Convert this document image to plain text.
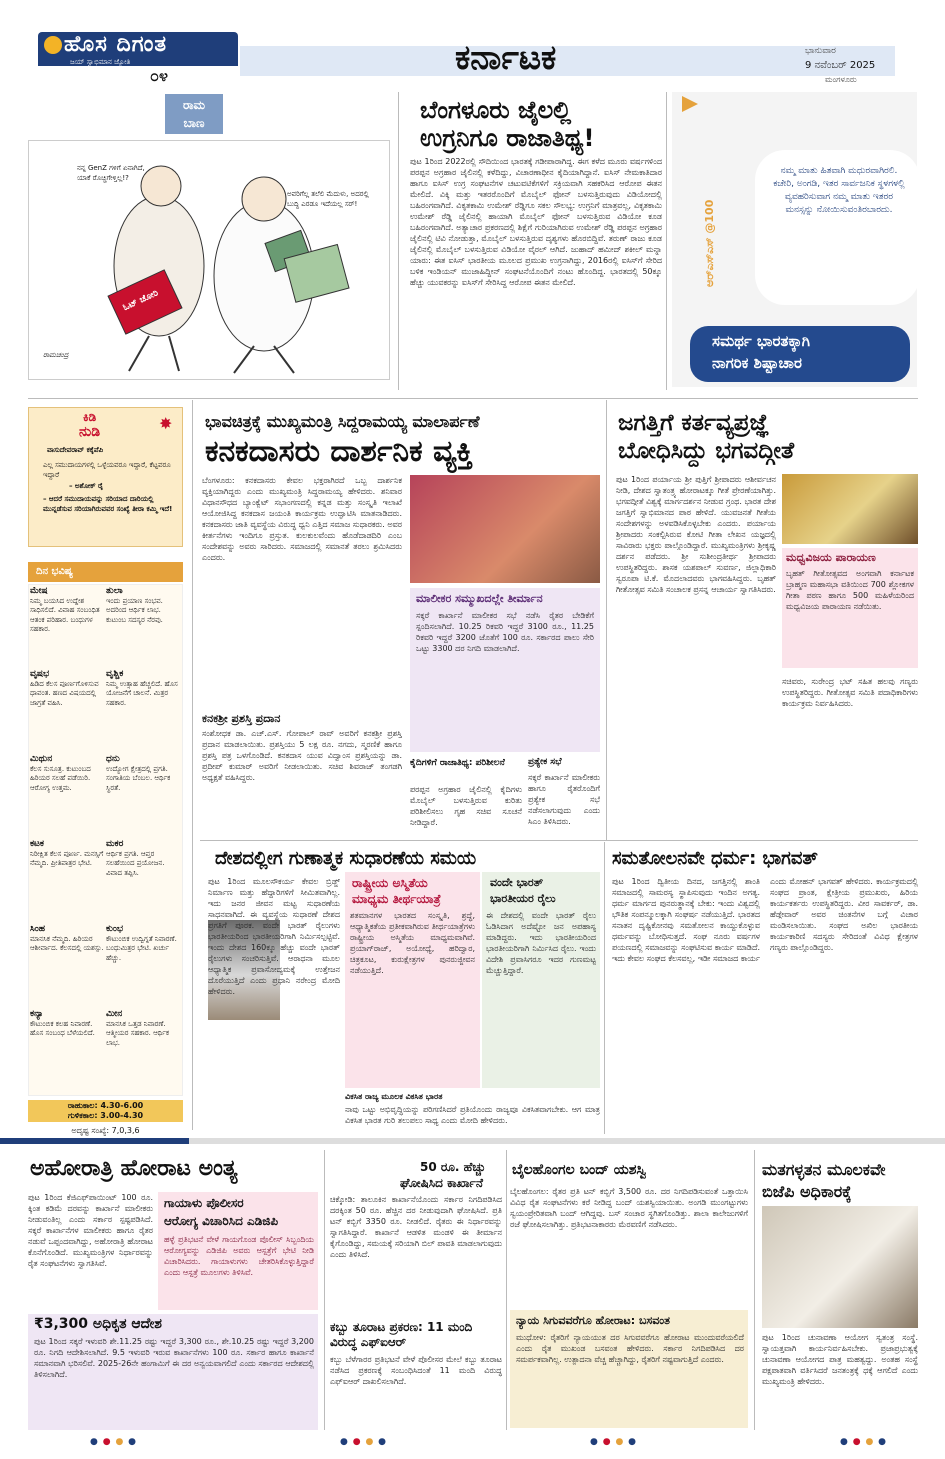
ಹೊಸ ದಿಗಂತ
ಜಯ್ ಸ್ವಾಭಿಮಾನ ಜ್ಯೋತಿ
೦೪	ಕರ್ನಾಟಕ	ಭಾನುವಾರ
9 ನವೆಂಬರ್ 2025
ಮಂಗಳೂರು
ರಾಮ
ಬಾಣ
ನನ್ನ GenZ ಗಳಿಗೆ ಏನಾಗಿದೆ, ಯಾಕೆ ರೊಚ್ಚಿಗೇಳ್ತಿಲ್ಲ!?
ಅವರಿಗೆಲ್ಲ ತಲೆಲಿ ಮೆದುಳು, ಅದರಲ್ಲಿ ಬುದ್ಧಿ ಎರಡೂ ಇದೆಯಲ್ಲ ಸರ್!
ಓಟ್ ಚೋರಿ
ರಾಮಚಂದ್ರ
ಬೆಂಗಳೂರು ಜೈಲಲ್ಲಿ
ಉಗ್ರನಿಗೂ ರಾಜಾತಿಥ್ಯ!
ಪುಟ 1ರಿಂದ 2022ರಲ್ಲಿ ಸೌದಿಯಿಂದ ಭಾರತಕ್ಕೆ ಗಡೀಪಾರಾಗಿದ್ದ. ಈಗ ಕಳೆದ ಮೂರು ವರ್ಷಗಳಿಂದ ಪರಪ್ಪನ ಅಗ್ರಹಾರ ಜೈಲಿನಲ್ಲಿ ಕಳೆದಿದ್ದು, ವಿಚಾರಣಾಧೀನ ಕೈದಿಯಾಗಿದ್ದಾನೆ. ಐಸಿಸ್ ನೇಮಕಾತಿದಾರ ಹಾಗೂ ಐಸಿಸ್ ಉಗ್ರ ಸಂಘಟನೆಗಳ ಚಟುವಟಿಕೆಗಳಿಗೆ ಸಕ್ರಿಯವಾಗಿ ಸಹಕರಿಸಿದ ಆರೋಪ ಈತನ ಮೇಲಿದೆ. ವಿಕ್ಕಿ ಮತ್ತು ಇತರರೊಂದಿಗೆ ಮೊಬೈಲ್ ಫೋನ್ ಬಳಸುತ್ತಿರುವುದು ವಿಡಿಯೋದಲ್ಲಿ ಬಹಿರಂಗವಾಗಿದೆ. ವಿಕೃತಕಾಮಿ ಉಮೇಶ್ ರೆಡ್ಡಿಗೂ ಸಕಲ ಸೌಲಭ್ಯ: ಉಗ್ರನಿಗೆ ಮಾತ್ರವಲ್ಲ, ವಿಕೃತಕಾಮಿ ಉಮೇಶ್ ರೆಡ್ಡಿ ಜೈಲಿನಲ್ಲಿ ಹಾಯಾಗಿ ಮೊಬೈಲ್ ಫೋನ್ ಬಳಸುತ್ತಿರುವ ವಿಡಿಯೋ ಕೂಡ ಬಹಿರಂಗವಾಗಿದೆ. ಅತ್ಯಾಚಾರ ಪ್ರಕರಣದಲ್ಲಿ ಶಿಕ್ಷೆಗೆ ಗುರಿಯಾಗಿರುವ ಉಮೇಶ್ ರೆಡ್ಡಿ ಪರಪ್ಪನ ಅಗ್ರಹಾರ ಜೈಲಿನಲ್ಲಿ ಟಿವಿ ನೋಡುತ್ತಾ, ಮೊಬೈಲ್ ಬಳಸುತ್ತಿರುವ ದೃಶ್ಯಗಳು ಹೊರಬಿದ್ದಿವೆ. ತರುಣ್ ರಾಜು ಕೂಡ ಜೈಲಿನಲ್ಲಿ ಮೊಬೈಲ್ ಬಳಸುತ್ತಿರುವ ವಿಡಿಯೋ ವೈರಲ್ ಆಗಿದೆ. ಜುಹಾದ್ ಹಮೀದ್ ಶಕೀಲ್ ಮನ್ನಾ ಯಾರು: ಈತ ಐಸಿಸ್ ಭಾರತೀಯ ಮೂಲದ ಪ್ರಮುಖ ಉಗ್ರನಾಗಿದ್ದು, 2016ರಲ್ಲಿ ಐಸಿಸ್‌ಗೆ ಸೇರಿದ ಬಳಿಕ ಇಂಡಿಯನ್ ಮುಜಾಹಿದ್ದೀನ್ ಸಂಘಟನೆಯೊಂದಿಗೆ ನಂಟು ಹೊಂದಿದ್ದ. ಭಾರತದಲ್ಲಿ 50ಕ್ಕೂ ಹೆಚ್ಚು ಯುವಕರನ್ನು ಐಸಿಸ್‌ಗೆ ಸೇರಿಸಿದ್ದ ಆರೋಪ ಈತನ ಮೇಲಿದೆ.	ಆರ್‌ಎಸ್‌ಎಸ್ @100
ನಮ್ಮ ಮಾತು ಹಿತವಾಗಿ ಮಧುರವಾಗಿರಲಿ. ಕಚೇರಿ, ಅಂಗಡಿ, ಇತರ ಸಾರ್ವಜನಿಕ ಸ್ಥಳಗಳಲ್ಲಿ ವ್ಯವಹರಿಸುವಾಗ ನಮ್ಮ ಮಾತು ಇತರರ ಮನಸ್ಸನ್ನು ನೋಯಿಸುವಂತಿರಬಾರದು.
ಸಮರ್ಥ ಭಾರತಕ್ಕಾಗಿ
ನಾಗರಿಕ ಶಿಷ್ಟಾಚಾರ
ಕಿಡಿ
ನುಡಿ	✸
ವಾಸುದೇವರಾವ್ ಕಕ್ಕೆಪೆಪಿ
ಎಲ್ಲ ಸಮುದಾಯಗಳಲ್ಲಿ ಒಳ್ಳೆಯವರೂ ಇದ್ದಾರೆ, ಕೆಟ್ಟವರೂ ಇದ್ದಾರೆ
– ಅಶೋಕ್ ರೈ
– ಆದರೆ ಸಮುದಾಯವನ್ನು ಸರಿಯಾದ ದಾರಿಯಲ್ಲಿ ಮುನ್ನಡೆಸುವ ಸರಿಯಾಗಿರುವವರ ಸಂಖ್ಯೆ ತೀರಾ ಕಮ್ಮಿ ಇದೆ!
ದಿನ ಭವಿಷ್ಯ
ಮೇಷ
ನಿಮ್ಮ ಬಯಸಿದ ಉದ್ದೇಶ ಸಾಧಿಸಲಿದೆ. ವಿವಾಹ ಸಂಬಂಧಿತ ಆತಂಕ ಪರಿಹಾರ. ಬಂಧುಗಳ ಸಹಕಾರ.
ತುಲಾ
ಇಂದು ಪ್ರಯಾಣ ಸಂಭವ. ಅದರಿಂದ ಆರ್ಥಿಕ ಲಾಭ. ಕುಟುಂಬ ಸದಸ್ಯರ ನೆರವು.
ವೃಷಭ
ಹಿಡಿದ ಕೆಲಸ ಪೂರ್ಣಗೊಳಿಸುವ ಧಾವಂತ. ಹಣದ ವಿಷಯದಲ್ಲಿ ಜಾಗ್ರತೆ ವಹಿಸಿ.
ವೃಶ್ಚಿಕ
ನಿಮ್ಮ ಉತ್ಸಾಹ ಹೆಚ್ಚಲಿದೆ. ಹೊಸ ಯೋಜನೆಗೆ ಚಾಲನೆ. ಮಿತ್ರರ ಸಹಕಾರ.
ಮಿಥುನ
ಕೆಲಸ ಸುಸೂತ್ರ. ಕುಟುಂಬದ ಹಿರಿಯರ ಸಲಹೆ ಪಡೆಯಿರಿ. ಆರೋಗ್ಯ ಉತ್ತಮ.
ಧನು
ಉದ್ಯೋಗ ಕ್ಷೇತ್ರದಲ್ಲಿ ಪ್ರಗತಿ. ಸಂಗಾತಿಯ ಬೆಂಬಲ. ಆರ್ಥಿಕ ಸ್ಥಿರತೆ.
ಕಟಕ
ನಿರೀಕ್ಷಿತ ಕೆಲಸ ಪೂರ್ಣ. ಮನಸ್ಸಿಗೆ ನೆಮ್ಮದಿ. ಪ್ರೀತಿಪಾತ್ರರ ಭೇಟಿ.
ಮಕರ
ಆರ್ಥಿಕ ಪ್ರಗತಿ. ಆಪ್ತರ ಸಲಹೆಯಿಂದ ಪ್ರಯೋಜನ. ವಿವಾದ ತಪ್ಪಿಸಿ.
ಸಿಂಹ
ಮಾನಸಿಕ ನೆಮ್ಮದಿ. ಹಿರಿಯರ ಆಶೀರ್ವಾದ. ಕೆಲಸದಲ್ಲಿ ಯಶಸ್ಸು.
ಕುಂಭ
ಕೌಟುಂಬಿಕ ಉದ್ವಿಗ್ನತೆ ನಿವಾರಣೆ. ಬಂಧುಮಿತ್ರರ ಭೇಟಿ. ಖರ್ಚು ಹೆಚ್ಚು.
ಕನ್ಯಾ
ಕೌಟುಂಬಿಕ ಕಲಹ ನಿವಾರಣೆ. ಹೊಸ ಸಂಬಂಧ ಬೆಳೆಯಲಿದೆ.
ಮೀನ
ಮಾನಸಿಕ ಒತ್ತಡ ನಿವಾರಣೆ. ಆತ್ಮೀಯರ ಸಹಕಾರ. ಆರ್ಥಿಕ ಲಾಭ.
ರಾಹುಕಾಲ: 4.30-6.00
ಗುಳಿಕಕಾಲ: 3.00-4.30
ಅದೃಷ್ಟ ಸಂಖ್ಯೆ: 7,0,3,6
ಭಾವಚಿತ್ರಕ್ಕೆ ಮುಖ್ಯಮಂತ್ರಿ ಸಿದ್ದರಾಮಯ್ಯ ಮಾಲಾರ್ಪಣೆ
ಕನಕದಾಸರು ದಾರ್ಶನಿಕ ವ್ಯಕ್ತಿ
ಬೆಂಗಳೂರು: ಕನಕದಾಸರು ಕೇವಲ ಭಕ್ತರಾಗಿರದೆ ಒಬ್ಬ ದಾರ್ಶನಿಕ ವ್ಯಕ್ತಿಯಾಗಿದ್ದರು ಎಂದು ಮುಖ್ಯಮಂತ್ರಿ ಸಿದ್ದರಾಮಯ್ಯ ಹೇಳಿದರು. ಶನಿವಾರ ವಿಧಾನಸೌಧದ ಬ್ಯಾಂಕ್ವೆಟ್ ಸಭಾಂಗಣದಲ್ಲಿ ಕನ್ನಡ ಮತ್ತು ಸಂಸ್ಕೃತಿ ಇಲಾಖೆ ಆಯೋಜಿಸಿದ್ದ ಕನಕದಾಸ ಜಯಂತಿ ಕಾರ್ಯಕ್ರಮ ಉದ್ಘಾಟಿಸಿ ಮಾತನಾಡಿದರು. ಕನಕದಾಸರು ಜಾತಿ ವ್ಯವಸ್ಥೆಯ ವಿರುದ್ಧ ಧ್ವನಿ ಎತ್ತಿದ ಸಮಾಜ ಸುಧಾರಕರು. ಅವರ ಕೀರ್ತನೆಗಳು ಇಂದಿಗೂ ಪ್ರಸ್ತುತ. ಕುಲಕುಲವೆಂದು ಹೊಡೆದಾಡದಿರಿ ಎಂಬ ಸಂದೇಶವನ್ನು ಅವರು ಸಾರಿದರು. ಸಮಾಜದಲ್ಲಿ ಸಮಾನತೆ ತರಲು ಶ್ರಮಿಸಿದರು ಎಂದರು.
ಕನಕಶ್ರೀ ಪ್ರಶಸ್ತಿ ಪ್ರದಾನ
ಸಂಶೋಧಕ ಡಾ. ಎಚ್.ಎಸ್. ಗೋಪಾಲ್ ರಾವ್ ಅವರಿಗೆ ಕನಕಶ್ರೀ ಪ್ರಶಸ್ತಿ ಪ್ರದಾನ ಮಾಡಲಾಯಿತು. ಪ್ರಶಸ್ತಿಯು 5 ಲಕ್ಷ ರೂ. ನಗದು, ಸ್ಮರಣಿಕೆ ಹಾಗೂ ಪ್ರಶಸ್ತಿ ಪತ್ರ ಒಳಗೊಂಡಿದೆ. ಕನಕದಾಸ ಯುವ ವಿದ್ವಾಂಸ ಪ್ರಶಸ್ತಿಯನ್ನು ಡಾ. ಪ್ರದೀಪ್ ಕುಮಾರ್ ಅವರಿಗೆ ನೀಡಲಾಯಿತು. ಸಚಿವ ಶಿವರಾಜ್ ತಂಗಡಗಿ ಅಧ್ಯಕ್ಷತೆ ವಹಿಸಿದ್ದರು.
ಮಾಲೀಕರ ಸಮ್ಮುಖದಲ್ಲೇ ತೀರ್ಮಾನ
ಸಕ್ಕರೆ ಕಾರ್ಖಾನೆ ಮಾಲೀಕರ ಸಭೆ ನಡೆಸಿ ರೈತರ ಬೇಡಿಕೆಗೆ ಸ್ಪಂದಿಸಲಾಗಿದೆ. 10.25 ರಿಕವರಿ ಇದ್ದರೆ 3100 ರೂ., 11.25 ರಿಕವರಿ ಇದ್ದರೆ 3200 ಜೊತೆಗೆ 100 ರೂ. ಸರ್ಕಾರದ ಪಾಲು ಸೇರಿ ಒಟ್ಟು 3300 ದರ ನಿಗದಿ ಮಾಡಲಾಗಿದೆ.
ಕೈದಿಗಳಿಗೆ ರಾಜಾತಿಥ್ಯ: ಪರಿಶೀಲನೆ
ಪರಪ್ಪನ ಅಗ್ರಹಾರ ಜೈಲಿನಲ್ಲಿ ಕೈದಿಗಳು ಮೊಬೈಲ್ ಬಳಸುತ್ತಿರುವ ಕುರಿತು ಪರಿಶೀಲಿಸಲು ಗೃಹ ಸಚಿವ ಸೂಚನೆ ನೀಡಿದ್ದಾರೆ.
ಪ್ರತ್ಯೇಕ ಸಭೆ
ಸಕ್ಕರೆ ಕಾರ್ಖಾನೆ ಮಾಲೀಕರು ಹಾಗೂ ರೈತರೊಂದಿಗೆ ಪ್ರತ್ಯೇಕ ಸಭೆ ನಡೆಸಲಾಗುವುದು ಎಂದು ಸಿಎಂ ತಿಳಿಸಿದರು.
ಜಗತ್ತಿಗೆ ಕರ್ತವ್ಯಪ್ರಜ್ಞೆ
ಬೋಧಿಸಿದ್ದು ಭಗವದ್ಗೀತೆ
ಪುಟ 1ರಿಂದ ಪರ್ಯಾಯ ಶ್ರೀ ಪುತ್ತಿಗೆ ಶ್ರೀಪಾದರು ಆಶೀರ್ವಚನ ನೀಡಿ, ದೇಶದ ಸ್ವಾತಂತ್ರ್ಯ ಹೋರಾಟಕ್ಕೂ ಗೀತೆ ಪ್ರೇರಣೆಯಾಗಿತ್ತು. ಭಗವದ್ಗೀತೆ ವಿಶ್ವಕ್ಕೆ ಮಾರ್ಗದರ್ಶನ ನೀಡುವ ಗ್ರಂಥ. ಭಾರತ ದೇಶ ಜಗತ್ತಿಗೆ ಸ್ವಾಭಿಮಾನದ ಪಾಠ ಹೇಳಿದೆ. ಯುವಜನತೆ ಗೀತೆಯ ಸಂದೇಶಗಳನ್ನು ಅಳವಡಿಸಿಕೊಳ್ಳಬೇಕು ಎಂದರು. ಪರ್ಯಾಯ ಶ್ರೀಪಾದರು ಸಂಕಲ್ಪಿಸಿರುವ ಕೋಟಿ ಗೀತಾ ಲೇಖನ ಯಜ್ಞದಲ್ಲಿ ಸಾವಿರಾರು ಭಕ್ತರು ಪಾಲ್ಗೊಂಡಿದ್ದಾರೆ. ಮುಖ್ಯಮಂತ್ರಿಗಳು ಶ್ರೀಕೃಷ್ಣ ದರ್ಶನ ಪಡೆದರು. ಶ್ರೀ ಸುಶೀಂದ್ರತೀರ್ಥ ಶ್ರೀಪಾದರು ಉಪಸ್ಥಿತರಿದ್ದರು. ಶಾಸಕ ಯಶಪಾಲ್ ಸುವರ್ಣ, ಜಿಲ್ಲಾಧಿಕಾರಿ ಸ್ವರೂಪಾ ಟಿ.ಕೆ. ಮೊದಲಾದವರು ಭಾಗವಹಿಸಿದ್ದರು. ಬೃಹತ್ ಗೀತೋತ್ಸವ ಸಮಿತಿ ಸಂಚಾಲಕ ಪ್ರಸನ್ನ ಆಚಾರ್ಯ ಸ್ವಾಗತಿಸಿದರು.
ಮಧ್ವವಿಜಯ ಪಾರಾಯಣ
ಬೃಹತ್ ಗೀತೋತ್ಸವದ ಅಂಗವಾಗಿ ಕರ್ನಾಟಕ ಬ್ರಾಹ್ಮಣ ಮಹಾಸಭಾ ವತಿಯಿಂದ 700 ಶ್ಲೋಕಗಳ ಗೀತಾ ಪಠಣ ಹಾಗೂ 500 ಮಹಿಳೆಯರಿಂದ ಮಧ್ವವಿಜಯ ಪಾರಾಯಣ ನಡೆಯಿತು.
ಸಚಿವರು, ಸುರೇಂದ್ರ ಭಟ್ ಸಹಿತ ಹಲವು ಗಣ್ಯರು ಉಪಸ್ಥಿತರಿದ್ದರು. ಗೀತೋತ್ಸವ ಸಮಿತಿ ಪದಾಧಿಕಾರಿಗಳು ಕಾರ್ಯಕ್ರಮ ನಿರ್ವಹಿಸಿದರು.
ದೇಶದಲ್ಲೀಗ ಗುಣಾತ್ಮಕ ಸುಧಾರಣೆಯ ಸಮಯ
ಪುಟ 1ರಿಂದ ಮೂಲಸೌಕರ್ಯ ಕೇವಲ ಬ್ರಿಡ್ಜ್ ನಿರ್ಮಾಣ ಮತ್ತು ಹೆದ್ದಾರಿಗಳಿಗೆ ಸೀಮಿತವಾಗಿಲ್ಲ. ಇದು ಜನರ ಜೀವನ ಮಟ್ಟ ಸುಧಾರಣೆಯ ಸಾಧನವಾಗಿದೆ. ಈ ವ್ಯವಸ್ಥೆಯ ಸುಧಾರಣೆ ದೇಶದ ಪ್ರಗತಿಗೆ ಪೂರಕ. ವಂದೇ ಭಾರತ್ ರೈಲುಗಳು ಭಾರತೀಯರಿಂದ ಭಾರತೀಯರಿಗಾಗಿ ನಿರ್ಮಿಸಲ್ಪಟ್ಟಿವೆ. ಇಂದು ದೇಶದ 160ಕ್ಕೂ ಹೆಚ್ಚು ವಂದೇ ಭಾರತ್ ರೈಲುಗಳು ಸಂಚರಿಸುತ್ತಿವೆ. ಆರಾಧನಾ ಮೂಲ ಆಧ್ಯಾತ್ಮಿಕ ಪ್ರವಾಸೋದ್ಯಮಕ್ಕೆ ಉತ್ತೇಜನ ದೊರೆಯುತ್ತಿದೆ ಎಂದು ಪ್ರಧಾನಿ ನರೇಂದ್ರ ಮೋದಿ ಹೇಳಿದರು.
ರಾಷ್ಟ್ರೀಯ ಅಸ್ಮಿತೆಯ
ಮಾಧ್ಯಮ ತೀರ್ಥಯಾತ್ರೆ
ಶತಮಾನಗಳ ಭಾರತದ ಸಂಸ್ಕೃತಿ, ಶ್ರದ್ಧೆ, ಆಧ್ಯಾತ್ಮಿಕತೆಯ ಪ್ರತೀಕವಾಗಿರುವ ತೀರ್ಥಯಾತ್ರೆಗಳು ರಾಷ್ಟ್ರೀಯ ಅಸ್ಮಿತೆಯ ಮಾಧ್ಯಮವಾಗಿವೆ. ಪ್ರಯಾಗ್‌ರಾಜ್, ಅಯೋಧ್ಯೆ, ಹರಿದ್ವಾರ, ಚಿತ್ರಕೂಟ, ಕುರುಕ್ಷೇತ್ರಗಳ ಪುನರುಜ್ಜೀವನ ನಡೆಯುತ್ತಿದೆ.
ವಂದೇ ಭಾರತ್
ಭಾರತೀಯರ ರೈಲು
ಈ ದೇಶದಲ್ಲಿ ವಂದೇ ಭಾರತ್ ರೈಲು ಓಡಿಸಿದಾಗ ಅದೆಷ್ಟೋ ಜನ ಅಪಹಾಸ್ಯ ಮಾಡಿದ್ದರು. ಇದು ಭಾರತೀಯರಿಂದ ಭಾರತೀಯರಿಗಾಗಿ ನಿರ್ಮಿಸಿದ ರೈಲು. ಇಂದು ವಿದೇಶಿ ಪ್ರವಾಸಿಗರೂ ಇದರ ಗುಣಮಟ್ಟ ಮೆಚ್ಚುತ್ತಿದ್ದಾರೆ.
ವಿಕಸಿತ ರಾಜ್ಯ ಮೂಲಕ ವಿಕಸಿತ ಭಾರತ
ನಾವು ಒಟ್ಟು ಅಭಿವೃದ್ಧಿಯನ್ನು ಪರಿಗಣಿಸಿದರೆ ಪ್ರತಿಯೊಂದು ರಾಜ್ಯವೂ ವಿಕಸಿತವಾಗಬೇಕು. ಆಗ ಮಾತ್ರ ವಿಕಸಿತ ಭಾರತ ಗುರಿ ತಲುಪಲು ಸಾಧ್ಯ ಎಂದು ಮೋದಿ ಹೇಳಿದರು.
ಸಮತೋಲನವೇ ಧರ್ಮ: ಭಾಗವತ್
ಪುಟ 1ರಿಂದ ದ್ವಿತೀಯ ದಿನದ, ಜಗತ್ತಿನಲ್ಲಿ ಶಾಂತಿ ಸಮಾಜದಲ್ಲಿ ಸಾಮರಸ್ಯ ಸ್ಥಾಪಿಸುವುದು ಇಂದಿನ ಅಗತ್ಯ. ಧರ್ಮ ಮಾರ್ಗದ ಪುನರುತ್ಥಾನಕ್ಕೆ ಬೇಕು: ಇಂದು ವಿಶ್ವದಲ್ಲಿ ಭೌತಿಕ ಸಂಪನ್ಮೂಲಕ್ಕಾಗಿ ಸಂಘರ್ಷ ನಡೆಯುತ್ತಿದೆ. ಭಾರತದ ಸನಾತನ ದೃಷ್ಟಿಕೋನವು ಸಮತೋಲನ ಕಾಯ್ದುಕೊಳ್ಳುವ ಧರ್ಮವನ್ನು ಬೋಧಿಸುತ್ತದೆ. ಸಂಘ ನೂರು ವರ್ಷಗಳ ಪಯಣದಲ್ಲಿ ಸಮಾಜವನ್ನು ಸಂಘಟಿಸುವ ಕಾರ್ಯ ಮಾಡಿದೆ. ಇದು ಕೇವಲ ಸಂಘದ ಕೆಲಸವಲ್ಲ, ಇಡೀ ಸಮಾಜದ ಕಾರ್ಯ ಎಂದು ಮೋಹನ್ ಭಾಗವತ್ ಹೇಳಿದರು. ಕಾರ್ಯಕ್ರಮದಲ್ಲಿ ಸಂಘದ ಪ್ರಾಂತ, ಕ್ಷೇತ್ರೀಯ ಪ್ರಮುಖರು, ಹಿರಿಯ ಕಾರ್ಯಕರ್ತರು ಉಪಸ್ಥಿತರಿದ್ದರು. ವೀರ ಸಾವರ್ಕರ್, ಡಾ. ಹೆಡ್ಗೇವಾರ್ ಅವರ ಚಿಂತನೆಗಳ ಬಗ್ಗೆ ವಿಚಾರ ಮಂಡಿಸಲಾಯಿತು. ಸಂಘದ ಅಖಿಲ ಭಾರತೀಯ ಕಾರ್ಯಕಾರಿಣಿ ಸದಸ್ಯರು ಸೇರಿದಂತೆ ವಿವಿಧ ಕ್ಷೇತ್ರಗಳ ಗಣ್ಯರು ಪಾಲ್ಗೊಂಡಿದ್ದರು.
ಅಹೋರಾತ್ರಿ ಹೋರಾಟ ಅಂತ್ಯ
ಪುಟ 1ರಿಂದ ಕೆಜಿಎಫ್‌ಪಾಯಿಂಟ್ 100 ರೂ. ಕ್ಕಿಂತ ಕಡಿಮೆ ದರವನ್ನು ಕಾರ್ಖಾನೆ ಮಾಲೀಕರು ನೀಡುವಂತಿಲ್ಲ ಎಂದು ಸರ್ಕಾರ ಸ್ಪಷ್ಟಪಡಿಸಿದೆ. ಸಕ್ಕರೆ ಕಾರ್ಖಾನೆಗಳ ಮಾಲೀಕರು ಹಾಗೂ ರೈತರ ನಡುವೆ ಒಪ್ಪಂದವಾಗಿದ್ದು, ಅಹೋರಾತ್ರಿ ಹೋರಾಟ ಕೊನೆಗೊಂಡಿದೆ. ಮುಖ್ಯಮಂತ್ರಿಗಳ ನಿರ್ಧಾರವನ್ನು ರೈತ ಸಂಘಟನೆಗಳು ಸ್ವಾಗತಿಸಿವೆ.
ಗಾಯಾಳು ಪೊಲೀಸರ
ಆರೋಗ್ಯ ವಿಚಾರಿಸಿದ ಎಡಿಜಿಪಿ
ಹಳ್ಳೆ ಪ್ರತಿಭಟನೆ ವೇಳೆ ಗಾಯಗೊಂಡ ಪೊಲೀಸ್ ಸಿಬ್ಬಂದಿಯ ಆರೋಗ್ಯವನ್ನು ಎಡಿಜಿಪಿ ಅವರು ಆಸ್ಪತ್ರೆಗೆ ಭೇಟಿ ನೀಡಿ ವಿಚಾರಿಸಿದರು. ಗಾಯಾಳುಗಳು ಚೇತರಿಸಿಕೊಳ್ಳುತ್ತಿದ್ದಾರೆ ಎಂದು ಆಸ್ಪತ್ರೆ ಮೂಲಗಳು ತಿಳಿಸಿವೆ.
₹3,300 ಅಧಿಕೃತ ಆದೇಶ
ಪುಟ 1ರಿಂದ ಸಕ್ಕರೆ ಇಳುವರಿ ಶೇ.11.25 ರಷ್ಟು ಇದ್ದರೆ 3,300 ರೂ., ಶೇ.10.25 ರಷ್ಟು ಇದ್ದರೆ 3,200 ರೂ. ನಿಗದಿ ಆದೇಶಿಸಲಾಗಿದೆ. 9.5 ಇಳುವರಿ ಇರುವ ಕಾರ್ಖಾನೆಗಳು 100 ರೂ. ಸರ್ಕಾರ ಹಾಗೂ ಕಾರ್ಖಾನೆ ಸಮಾನವಾಗಿ ಭರಿಸಲಿವೆ. 2025-26ನೇ ಹಂಗಾಮಿಗೆ ಈ ದರ ಅನ್ವಯವಾಗಲಿದೆ ಎಂದು ಸರ್ಕಾರದ ಆದೇಶದಲ್ಲಿ ತಿಳಿಸಲಾಗಿದೆ.
50 ರೂ. ಹೆಚ್ಚು
ಘೋಷಿಸಿದ ಕಾರ್ಖಾನೆ
ಚಿಕ್ಕೋಡಿ: ತಾಲೂಕಿನ ಕಾರ್ಖಾನೆಯೊಂದು ಸರ್ಕಾರ ನಿಗದಿಪಡಿಸಿದ ದರಕ್ಕಿಂತ 50 ರೂ. ಹೆಚ್ಚಿನ ದರ ನೀಡುವುದಾಗಿ ಘೋಷಿಸಿದೆ. ಪ್ರತಿ ಟನ್ ಕಬ್ಬಿಗೆ 3350 ರೂ. ನೀಡಲಿದೆ. ರೈತರು ಈ ನಿರ್ಧಾರವನ್ನು ಸ್ವಾಗತಿಸಿದ್ದಾರೆ. ಕಾರ್ಖಾನೆ ಆಡಳಿತ ಮಂಡಳಿ ಈ ತೀರ್ಮಾನ ಕೈಗೊಂಡಿದ್ದು, ಸಮಯಕ್ಕೆ ಸರಿಯಾಗಿ ಬಿಲ್ ಪಾವತಿ ಮಾಡಲಾಗುವುದು ಎಂದು ತಿಳಿಸಿದೆ.
ಕಬ್ಬು ತೂರಾಟ ಪ್ರಕರಣ: 11 ಮಂದಿ ವಿರುದ್ಧ ಎಫ್‌ಐಆರ್
ಕಬ್ಬು ಬೆಳೆಗಾರರ ಪ್ರತಿಭಟನೆ ವೇಳೆ ಪೊಲೀಸರ ಮೇಲೆ ಕಬ್ಬು ತೂರಾಟ ನಡೆಸಿದ ಪ್ರಕರಣಕ್ಕೆ ಸಂಬಂಧಿಸಿದಂತೆ 11 ಮಂದಿ ವಿರುದ್ಧ ಎಫ್‌ಐಆರ್ ದಾಖಲಿಸಲಾಗಿದೆ.
ಬೈಲಹೊಂಗಲ ಬಂದ್ ಯಶಸ್ವಿ
ಬೈಲಹೊಂಗಲ: ರೈತರ ಪ್ರತಿ ಟನ್ ಕಬ್ಬಿಗೆ 3,500 ರೂ. ದರ ನಿಗದಿಪಡಿಸುವಂತೆ ಒತ್ತಾಯಿಸಿ ವಿವಿಧ ರೈತ ಸಂಘಟನೆಗಳು ಕರೆ ನೀಡಿದ್ದ ಬಂದ್ ಯಶಸ್ವಿಯಾಯಿತು. ಅಂಗಡಿ ಮುಂಗಟ್ಟುಗಳು ಸ್ವಯಂಪ್ರೇರಿತವಾಗಿ ಬಂದ್ ಆಗಿದ್ದವು. ಬಸ್ ಸಂಚಾರ ಸ್ಥಗಿತಗೊಂಡಿತ್ತು. ಶಾಲಾ ಕಾಲೇಜುಗಳಿಗೆ ರಜೆ ಘೋಷಿಸಲಾಗಿತ್ತು. ಪ್ರತಿಭಟನಾಕಾರರು ಮೆರವಣಿಗೆ ನಡೆಸಿದರು.
ನ್ಯಾಯ ಸಿಗುವವರೆಗೂ ಹೋರಾಟ: ಬಸವಂತ
ಮುಧೋಳ: ರೈತರಿಗೆ ನ್ಯಾಯಯುತ ದರ ಸಿಗುವವರೆಗೂ ಹೋರಾಟ ಮುಂದುವರೆಯಲಿದೆ ಎಂದು ರೈತ ಮುಖಂಡ ಬಸವಂತ ಹೇಳಿದರು. ಸರ್ಕಾರ ನಿಗದಿಪಡಿಸಿದ ದರ ಸಮರ್ಪಕವಾಗಿಲ್ಲ. ಉತ್ಪಾದನಾ ವೆಚ್ಚ ಹೆಚ್ಚಾಗಿದ್ದು, ರೈತರಿಗೆ ನಷ್ಟವಾಗುತ್ತಿದೆ ಎಂದರು.
ಮತಗಳ್ಳತನ ಮೂಲಕವೇ
ಬಿಜೆಪಿ ಅಧಿಕಾರಕ್ಕೆ
ಪುಟ 1ರಿಂದ ಚುನಾವಣಾ ಆಯೋಗ ಸ್ವತಂತ್ರ ಸಂಸ್ಥೆ. ಸ್ವಾಯತ್ತವಾಗಿ ಕಾರ್ಯನಿರ್ವಹಿಸಬೇಕು. ಪ್ರಜಾಪ್ರಭುತ್ವಕ್ಕೆ ಚುನಾವಣಾ ಆಯೋಗದ ಪಾತ್ರ ಮಹತ್ವದ್ದು. ಅಂತಹ ಸಂಸ್ಥೆ ಪಕ್ಷಪಾತವಾಗಿ ವರ್ತಿಸಿದರೆ ಜನತಂತ್ರಕ್ಕೆ ಧಕ್ಕೆ ಆಗಲಿದೆ ಎಂದು ಮುಖ್ಯಮಂತ್ರಿ ಹೇಳಿದರು.
● ● ● ●	● ● ● ●	● ● ● ●	● ● ● ●
